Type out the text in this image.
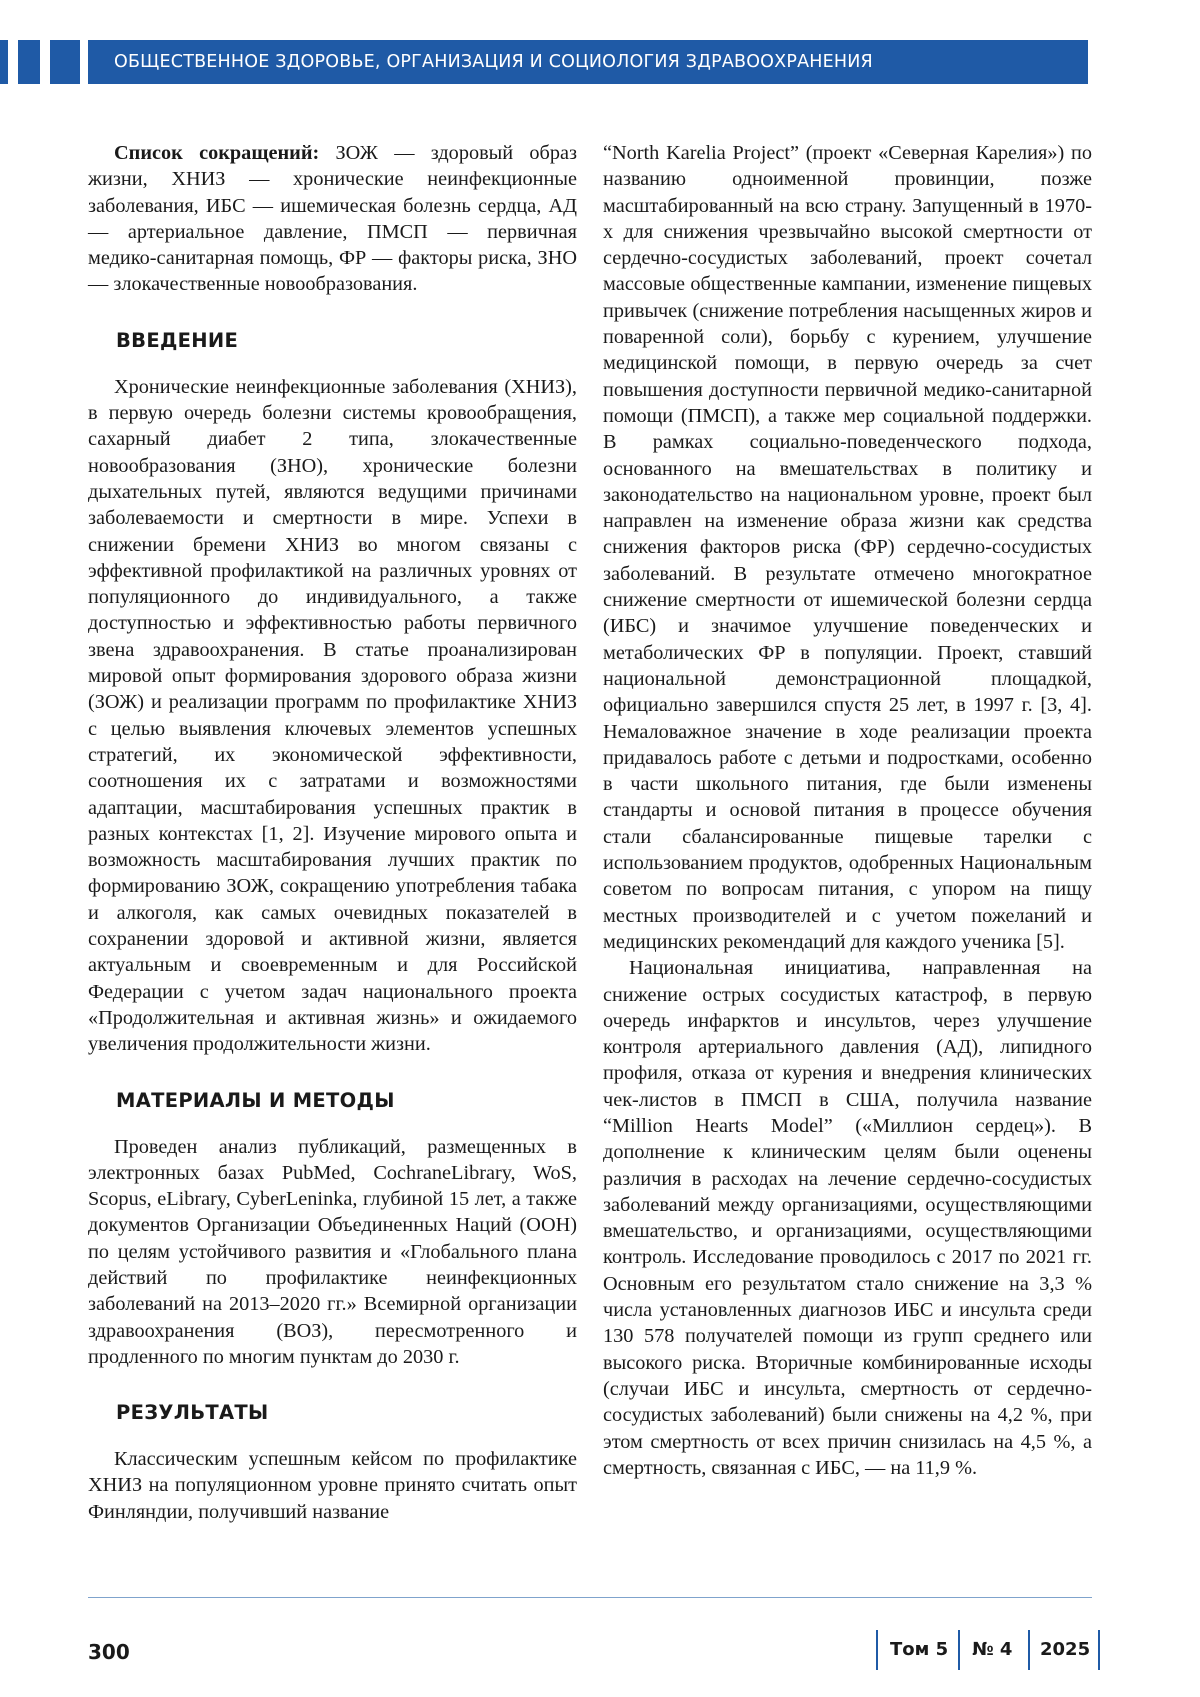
ОБЩЕСТВЕННОЕ ЗДОРОВЬЕ, ОРГАНИЗАЦИЯ И СОЦИОЛОГИЯ ЗДРАВООХРАНЕНИЯ

Список сокращений: ЗОЖ — здоровый образ жизни, ХНИЗ — хронические неинфекционные заболевания, ИБС — ишемическая болезнь сердца, АД — артериальное давление, ПМСП — первичная медико-санитарная помощь, ФР — факторы риска, ЗНО — злокачественные новообразования.

ВВЕДЕНИЕ

Хронические неинфекционные заболевания (ХНИЗ), в первую очередь болезни системы кровообращения, сахарный диабет 2 типа, злокачественные новообразования (ЗНО), хронические болезни дыхательных путей, являются ведущими причинами заболеваемости и смертности в мире. Успехи в снижении бремени ХНИЗ во многом связаны с эффективной профилактикой на различных уровнях от популяционного до индивидуального, а также доступностью и эффективностью работы первичного звена здравоохранения. В статье проанализирован мировой опыт формирования здорового образа жизни (ЗОЖ) и реализации программ по профилактике ХНИЗ с целью выявления ключевых элементов успешных стратегий, их экономической эффективности, соотношения их с затратами и возможностями адаптации, масштабирования успешных практик в разных контекстах [1, 2]. Изучение мирового опыта и возможность масштабирования лучших практик по формированию ЗОЖ, сокращению употребления табака и алкоголя, как самых очевидных показателей в сохранении здоровой и активной жизни, является актуальным и своевременным и для Российской Федерации с учетом задач национального проекта «Продолжительная и активная жизнь» и ожидаемого увеличения продолжительности жизни.

МАТЕРИАЛЫ И МЕТОДЫ

Проведен анализ публикаций, размещенных в электронных базах PubMed, CochraneLibrary, WoS, Scopus, eLibrary, CyberLeninka, глубиной 15 лет, а также документов Организации Объединенных Наций (ООН) по целям устойчивого развития и «Глобального плана действий по профилактике неинфекционных заболеваний на 2013–2020 гг.» Всемирной организации здравоохранения (ВОЗ), пересмотренного и продленного по многим пунктам до 2030 г.

РЕЗУЛЬТАТЫ

Классическим успешным кейсом по профилактике ХНИЗ на популяционном уровне принято считать опыт Финляндии, получивший название

“North Karelia Project” (проект «Северная Карелия») по названию одноименной провинции, позже масштабированный на всю страну. Запущенный в 1970-х для снижения чрезвычайно высокой смертности от сердечно-сосудистых заболеваний, проект сочетал массовые общественные кампании, изменение пищевых привычек (снижение потребления насыщенных жиров и поваренной соли), борьбу с курением, улучшение медицинской помощи, в первую очередь за счет повышения доступности первичной медико-санитарной помощи (ПМСП), а также мер социальной поддержки. В рамках социально-поведенческого подхода, основанного на вмешательствах в политику и законодательство на национальном уровне, проект был направлен на изменение образа жизни как средства снижения факторов риска (ФР) сердечно-сосудистых заболеваний. В результате отмечено многократное снижение смертности от ишемической болезни сердца (ИБС) и значимое улучшение поведенческих и метаболических ФР в популяции. Проект, ставший национальной демонстрационной площадкой, официально завершился спустя 25 лет, в 1997 г. [3, 4]. Немаловажное значение в ходе реализации проекта придавалось работе с детьми и подростками, особенно в части школьного питания, где были изменены стандарты и основой питания в процессе обучения стали сбалансированные пищевые тарелки с использованием продуктов, одобренных Национальным советом по вопросам питания, с упором на пищу местных производителей и с учетом пожеланий и медицинских рекомендаций для каждого ученика [5].

Национальная инициатива, направленная на снижение острых сосудистых катастроф, в первую очередь инфарктов и инсультов, через улучшение контроля артериального давления (АД), липидного профиля, отказа от курения и внедрения клинических чек-листов в ПМСП в США, получила название “Million Hearts Model” («Миллион сердец»). В дополнение к клиническим целям были оценены различия в расходах на лечение сердечно-сосудистых заболеваний между организациями, осуществляющими вмешательство, и организациями, осуществляющими контроль. Исследование проводилось с 2017 по 2021 гг. Основным его результатом стало снижение на 3,3 % числа установленных диагнозов ИБС и инсульта среди 130 578 получателей помощи из групп среднего или высокого риска. Вторичные комбинированные исходы (случаи ИБС и инсульта, смертность от сердечно-сосудистых заболеваний) были снижены на 4,2 %, при этом смертность от всех причин снизилась на 4,5 %, а смертность, связанная с ИБС, — на 11,9 %.

300	Том 5 № 4 2025
